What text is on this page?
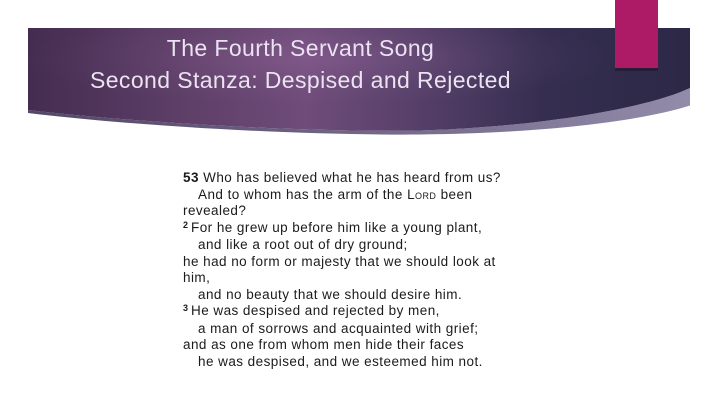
The Fourth Servant Song
Second Stanza: Despised and Rejected
53 Who has believed what he has heard from us?
And to whom has the arm of the Lord been
revealed?
$^2$ For he grew up before him like a young plant,
and like a root out of dry ground;
he had no form or majesty that we should look at
him,
and no beauty that we should desire him.
$^3$ He was despised and rejected by men,
a man of sorrows and acquainted with grief;
and as one from whom men hide their faces
he was despised, and we esteemed him not.
